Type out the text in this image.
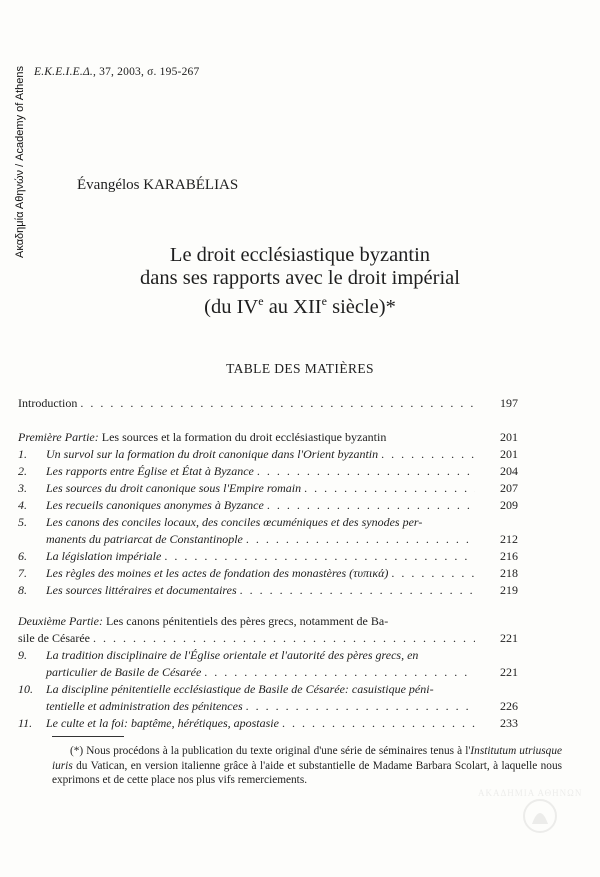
Ακαδημία Αθηνών / Academy of Athens Ε.Κ.Ε.Ι.Ε.Δ., 37, 2003, σ. 195-267
Évangélos KARABÉLIAS
Le droit ecclésiastique byzantin
dans ses rapports avec le droit impérial
(du IVe au XIIe siècle)*
TABLE DES MATIÈRES
Introduction . . .	197
Première Partie: Les sources et la formation du droit ecclésiastique byzantin	201
1.	Un survol sur la formation du droit canonique dans l'Orient byzantin . . .	201
2.	Les rapports entre Église et État à Byzance . . .	204
3.	Les sources du droit canonique sous l'Empire romain . . .	207
4.	Les recueils canoniques anonymes à Byzance . . .	209
5.	Les canons des conciles locaux, des conciles œcuméniques et des synodes per-
manents du patriarcat de Constantinople . . .	212
6.	La législation impériale . . .	216
7.	Les règles des moines et les actes de fondation des monastères (τυπικά) . . .	218
8.	Les sources littéraires et documentaires . . .	219
Deuxième Partie: Les canons pénitentiels des pères grecs, notamment de Ba-
sile de Césarée . . .	221
9.	La tradition disciplinaire de l'Église orientale et l'autorité des pères grecs, en
particulier de Basile de Césarée . . .	221
10.	La discipline pénitentielle ecclésiastique de Basile de Césarée: casuistique péni-
tentielle et administration des pénitences . . .	226
11.	Le culte et la foi: baptême, hérétiques, apostasie . . .	233
(*) Nous procédons à la publication du texte original d'une série de séminaires tenus à l'Institutum utriusque iuris du Vatican, en version italienne grâce à l'aide et substantielle de Madame Barbara Scolart, à laquelle nous exprimons et de cette place nos plus vifs remerciements.
ΑΚΑΔΗΜΙΑ ΑΘΗΝΩΝ
